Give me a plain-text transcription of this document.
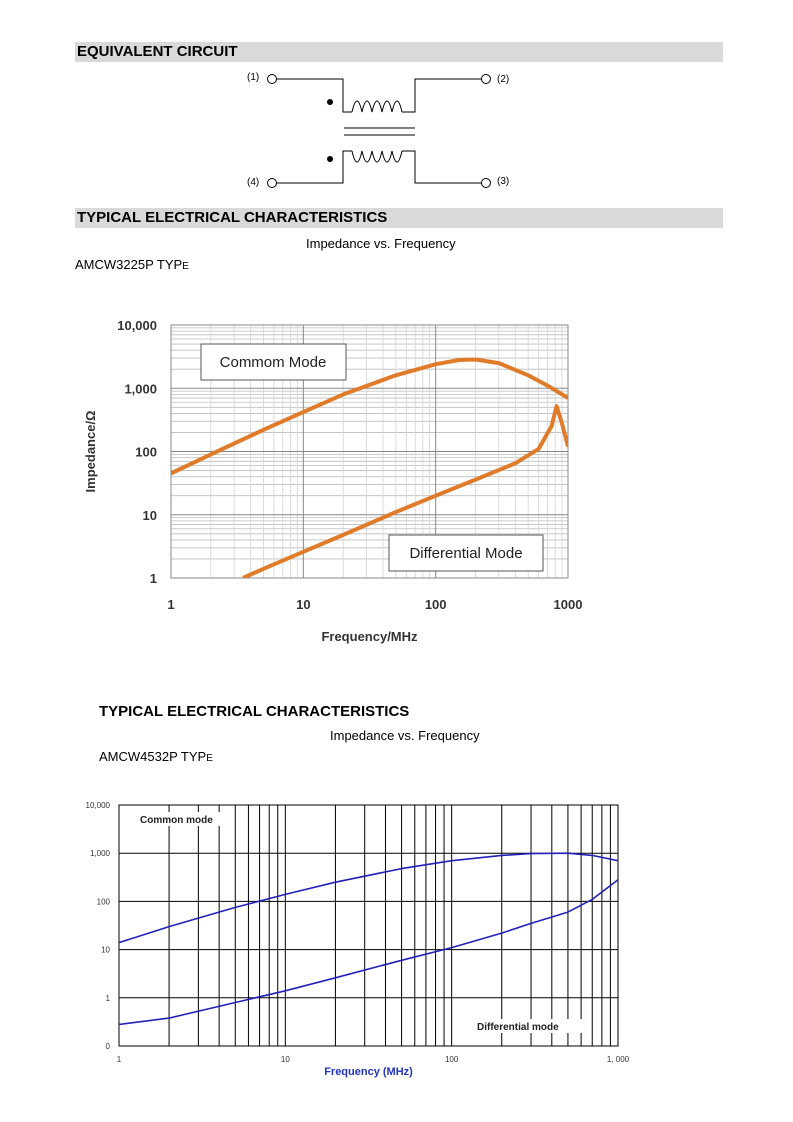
EQUIVALENT CIRCUIT
(1)	(2)
(4)	(3)
TYPICAL ELECTRICAL CHARACTERISTICS
Impedance vs. Frequency
AMCW3225P TYPE
1
10
100
1,000
10,000
1	10	100	1000
Frequency/MHz
Impedance/Ω
Commom Mode
Differential Mode
TYPICAL ELECTRICAL CHARACTERISTICS
Impedance vs. Frequency
AMCW4532P TYPE
0
1
10
100
1,000
10,000
1	10	100	1, 000
Frequency (MHz)
Common mode
Differential mode
